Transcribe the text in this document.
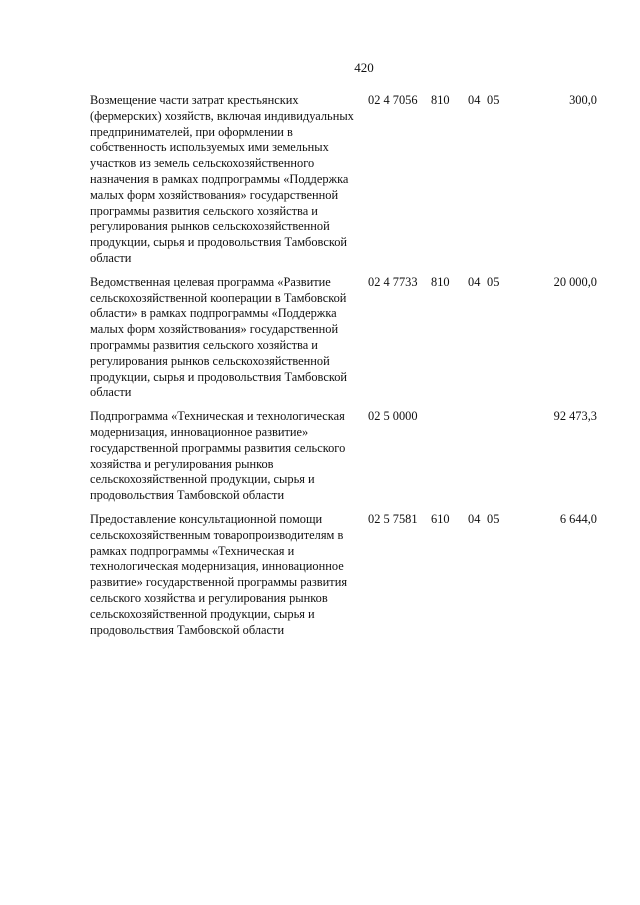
420
Возмещение части затрат крестьянских (фермерских) хозяйств, включая индивидуальных предпринимателей, при оформлении в собственность используемых ими земельных участков из земель сельскохозяйственного назначения в рамках подпрограммы «Поддержка малых форм хозяйствования» государственной программы развития сельского хозяйства и регулирования рынков сельскохозяйственной продукции, сырья и продовольствия Тамбовской области
02 4 7056 810 04 05	300,0
Ведомственная целевая программа «Развитие сельскохозяйственной кооперации в Тамбовской области» в рамках подпрограммы «Поддержка малых форм хозяйствования» государственной программы развития сельского хозяйства и регулирования рынков сельскохозяйственной продукции, сырья и продовольствия Тамбовской области
02 4 7733 810 04 05	20 000,0
Подпрограмма «Техническая и технологическая модернизация, инновационное развитие» государственной программы развития сельского хозяйства и регулирования рынков сельскохозяйственной продукции, сырья и продовольствия Тамбовской области
02 5 0000	92 473,3
Предоставление консультационной помощи сельскохозяйственным товаропроизводителям в рамках подпрограммы «Техническая и технологическая модернизация, инновационное развитие» государственной программы развития сельского хозяйства и регулирования рынков сельскохозяйственной продукции, сырья и продовольствия Тамбовской области
02 5 7581 610 04 05	6 644,0
